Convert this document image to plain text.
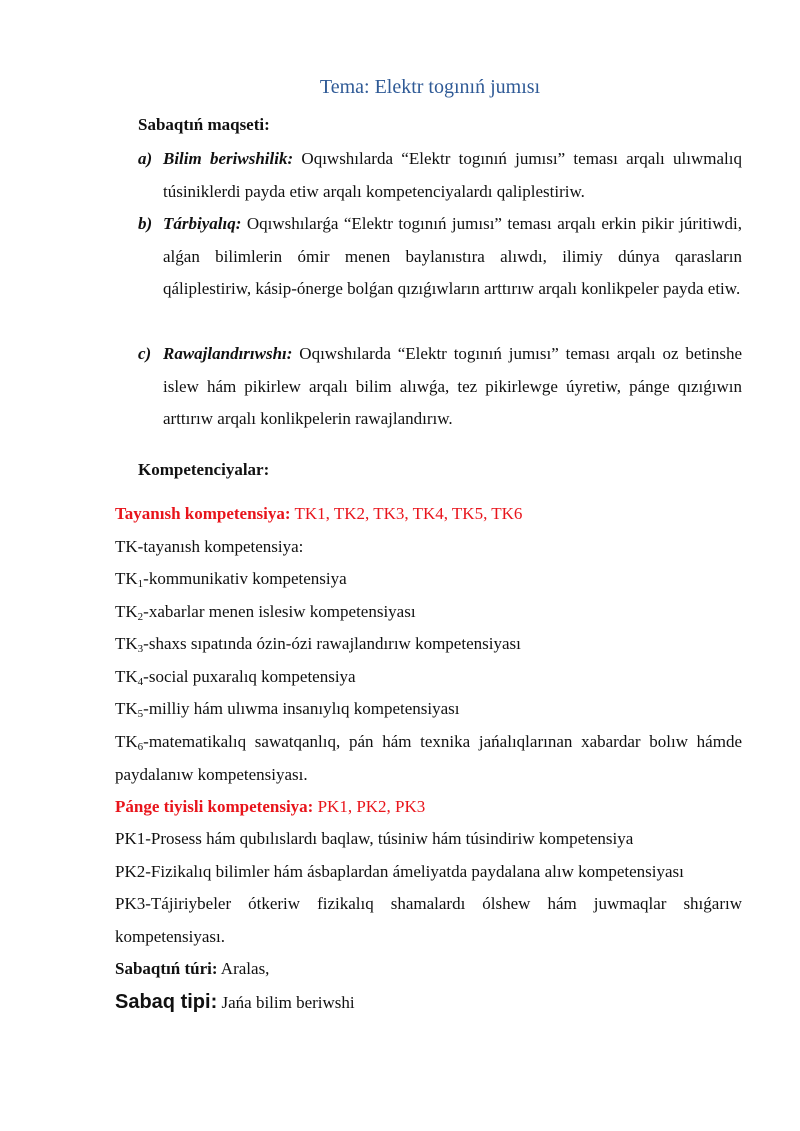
Tema: Elektr togınıń jumısı
Sabaqtıń maqseti:
a) Bilim beriwshilik: Oqıwshılarda “Elektr togınıń jumısı” teması arqalı ulıwmalıq túsiniklerdi payda etiw arqalı kompetenciyalardı qaliplestiriw.
b) Tárbiyalıq: Oqıwshılarǵa “Elektr togınıń jumısı” teması arqalı erkin pikir júritiwdi, alǵan bilimlerin ómir menen baylanıstıra alıwdı, ilimiy dúnya qarasların qáliplestiriw, kásip-ónerge bolǵan qızıǵıwların arttırıw arqalı konlikpeler payda etiw.
c) Rawajlandırıwshı: Oqıwshılarda “Elektr togınıń jumısı” teması arqalı oz betinshe islew hám pikirlew arqalı bilim alıwǵa, tez pikirlewge úyretiw, pánge qızıǵıwın arttırıw arqalı konlikpelerin rawajlandırıw.
Kompetenciyalar:
Tayanısh kompetensiya: TK1, TK2, TK3, TK4, TK5, TK6
TK-tayanısh kompetensiya:
$TK_1$-kommunikativ kompetensiya
$TK_2$-xabarlar menen islesiw kompetensiyası
$TK_3$-shaxs sıpatında ózin-ózi rawajlandırıw kompetensiyası
$TK_4$-social puxaralıq kompetensiya
$TK_5$-milliy hám ulıwma insanıylıq kompetensiyası
$TK_6$-matematikalıq sawatqanlıq, pán hám texnika jańalıqlarınan xabardar bolıw hámde paydalanıw kompetensiyası.
Pánge tiyisli kompetensiya: PK1, PK2, PK3
PK1-Prosess hám qubılıslardı baqlaw, túsiniw hám túsindiriw kompetensiya
PK2-Fizikalıq bilimler hám ásbaplardan ámeliyatda paydalana alıw kompetensiyası
PK3-Tájiriybeler ótkeriw fizikalıq shamalardı ólshew hám juwmaqlar shıǵarıw kompetensiyası.
Sabaqtıń túri: Aralas,
Sabaq tipi: Jańa bilim beriwshi
